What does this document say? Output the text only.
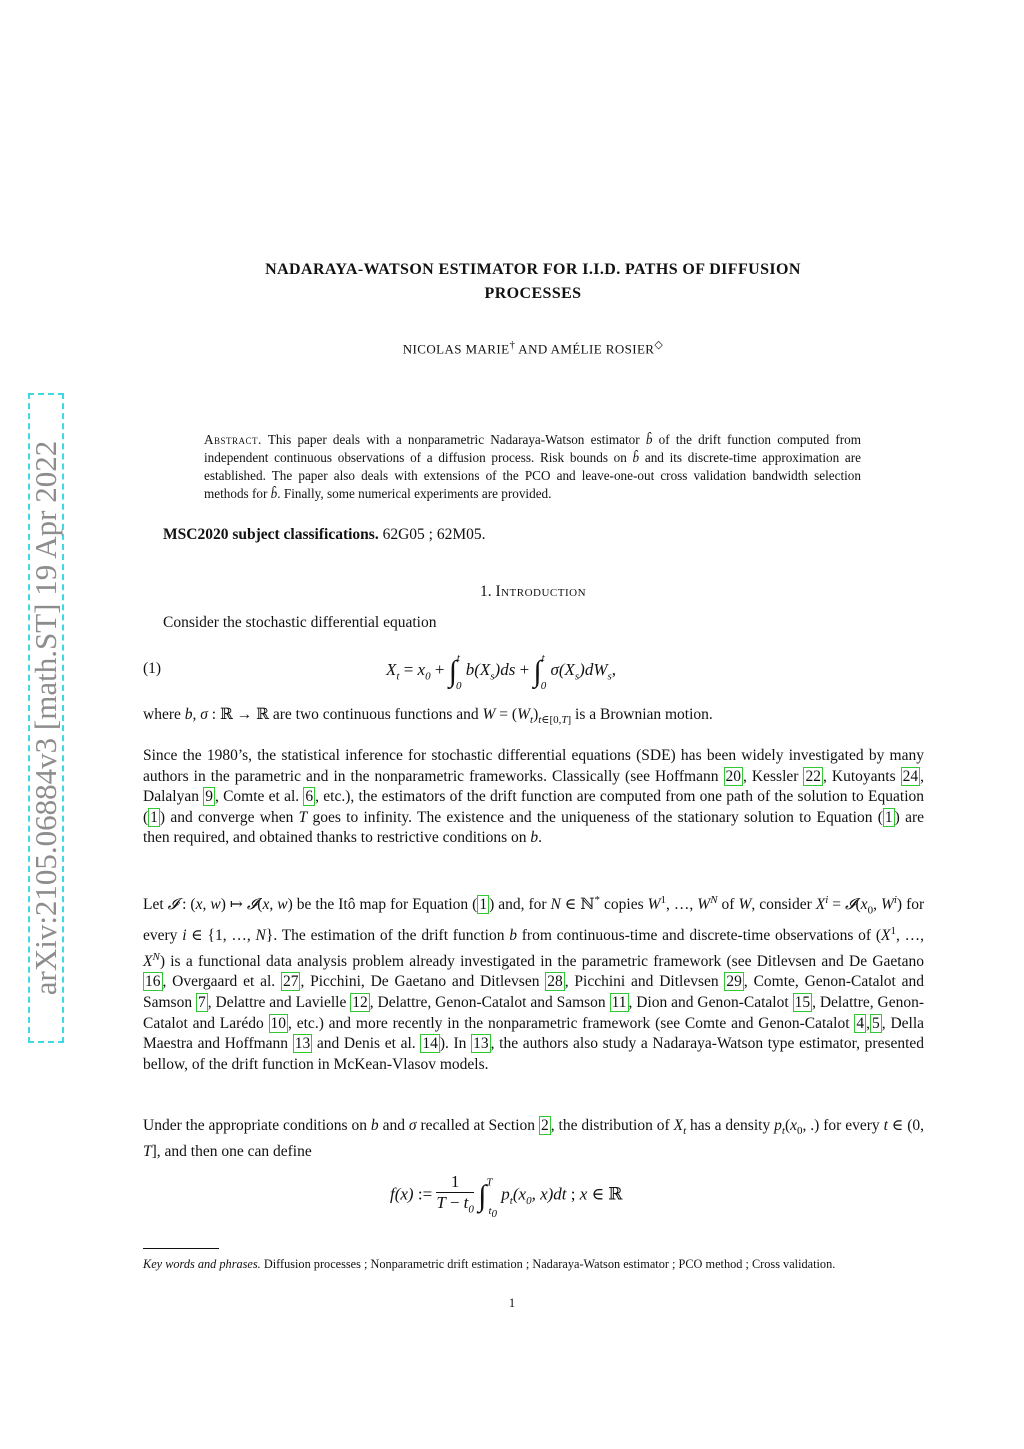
NADARAYA-WATSON ESTIMATOR FOR I.I.D. PATHS OF DIFFUSION
PROCESSES
NICOLAS MARIE† AND AMÉLIE ROSIER◇
arXiv:2105.06884v3 [math.ST] 19 Apr 2022
Abstract. This paper deals with a nonparametric Nadaraya-Watson estimator b̂ of the drift function computed from independent continuous observations of a diffusion process. Risk bounds on b̂ and its discrete-time approximation are established. The paper also deals with extensions of the PCO and leave-one-out cross validation bandwidth selection methods for b̂. Finally, some numerical experiments are provided.
MSC2020 subject classifications. 62G05 ; 62M05.
1. Introduction
Consider the stochastic differential equation
(1)	$X_t = x_0 + \int^t_0$ $b(X_s)ds + \int^t_0$ $\sigma(X_s)dW_s$,
where b, σ : ℝ → ℝ are two continuous functions and $W = (W_t)_{t\in[0,T]}$ is a Brownian motion.
Since the 1980’s, the statistical inference for stochastic differential equations (SDE) has been widely investigated by many authors in the parametric and in the nonparametric frameworks. Classically (see Hoffmann 20 , Kessler 22 , Kutoyants 24 , Dalalyan 9 , Comte et al. 6 , etc.), the estimators of the drift function are computed from one path of the solution to Equation ( 1 ) and converge when T goes to infinity. The existence and the uniqueness of the stationary solution to Equation ( 1 ) are then required, and obtained thanks to restrictive conditions on b.
Let 𝓘 : (x, w) ↦ 𝓘(x, w) be the Itô map for Equation ( 1 ) and, for N ∈ ℕ* copies $W^1$, …, $W^N$ of W, consider $X^i$ = $𝓘(x_0$, $W^i$) for every i ∈ {1, …, N}. The estimation of the drift function b from continuous-time and discrete-time observations of ($X^1$, …, $X^N$) is a functional data analysis problem already investigated in the parametric framework (see Ditlevsen and De Gaetano 16 , Overgaard et al. 27 , Picchini, De Gaetano and Ditlevsen 28 , Picchini and Ditlevsen 29 , Comte, Genon-Catalot and Samson 7 , Delattre and Lavielle 12 , Delattre, Genon-Catalot and Samson 11 , Dion and Genon-Catalot 15 , Delattre, Genon-Catalot and Larédo 10 , etc.) and more recently in the nonparametric framework (see Comte and Genon-Catalot 4 , 5 , Della Maestra and Hoffmann 13 and Denis et al. 14 ). In 13 , the authors also study a Nadaraya-Watson type estimator, presented bellow, of the drift function in McKean-Vlasov models.
Under the appropriate conditions on b and σ recalled at Section 2 , the distribution of $X_t$ has a density $p_t(x_0$, .) for every t ∈ (0, T], and then one can define
f(x) := $\frac{1}{T - t_0} \int^T_{t_0}$ $p_t(x_0$, x)dt ; x ∈ ℝ
Key words and phrases. Diffusion processes ; Nonparametric drift estimation ; Nadaraya-Watson estimator ; PCO method ; Cross validation.
1
